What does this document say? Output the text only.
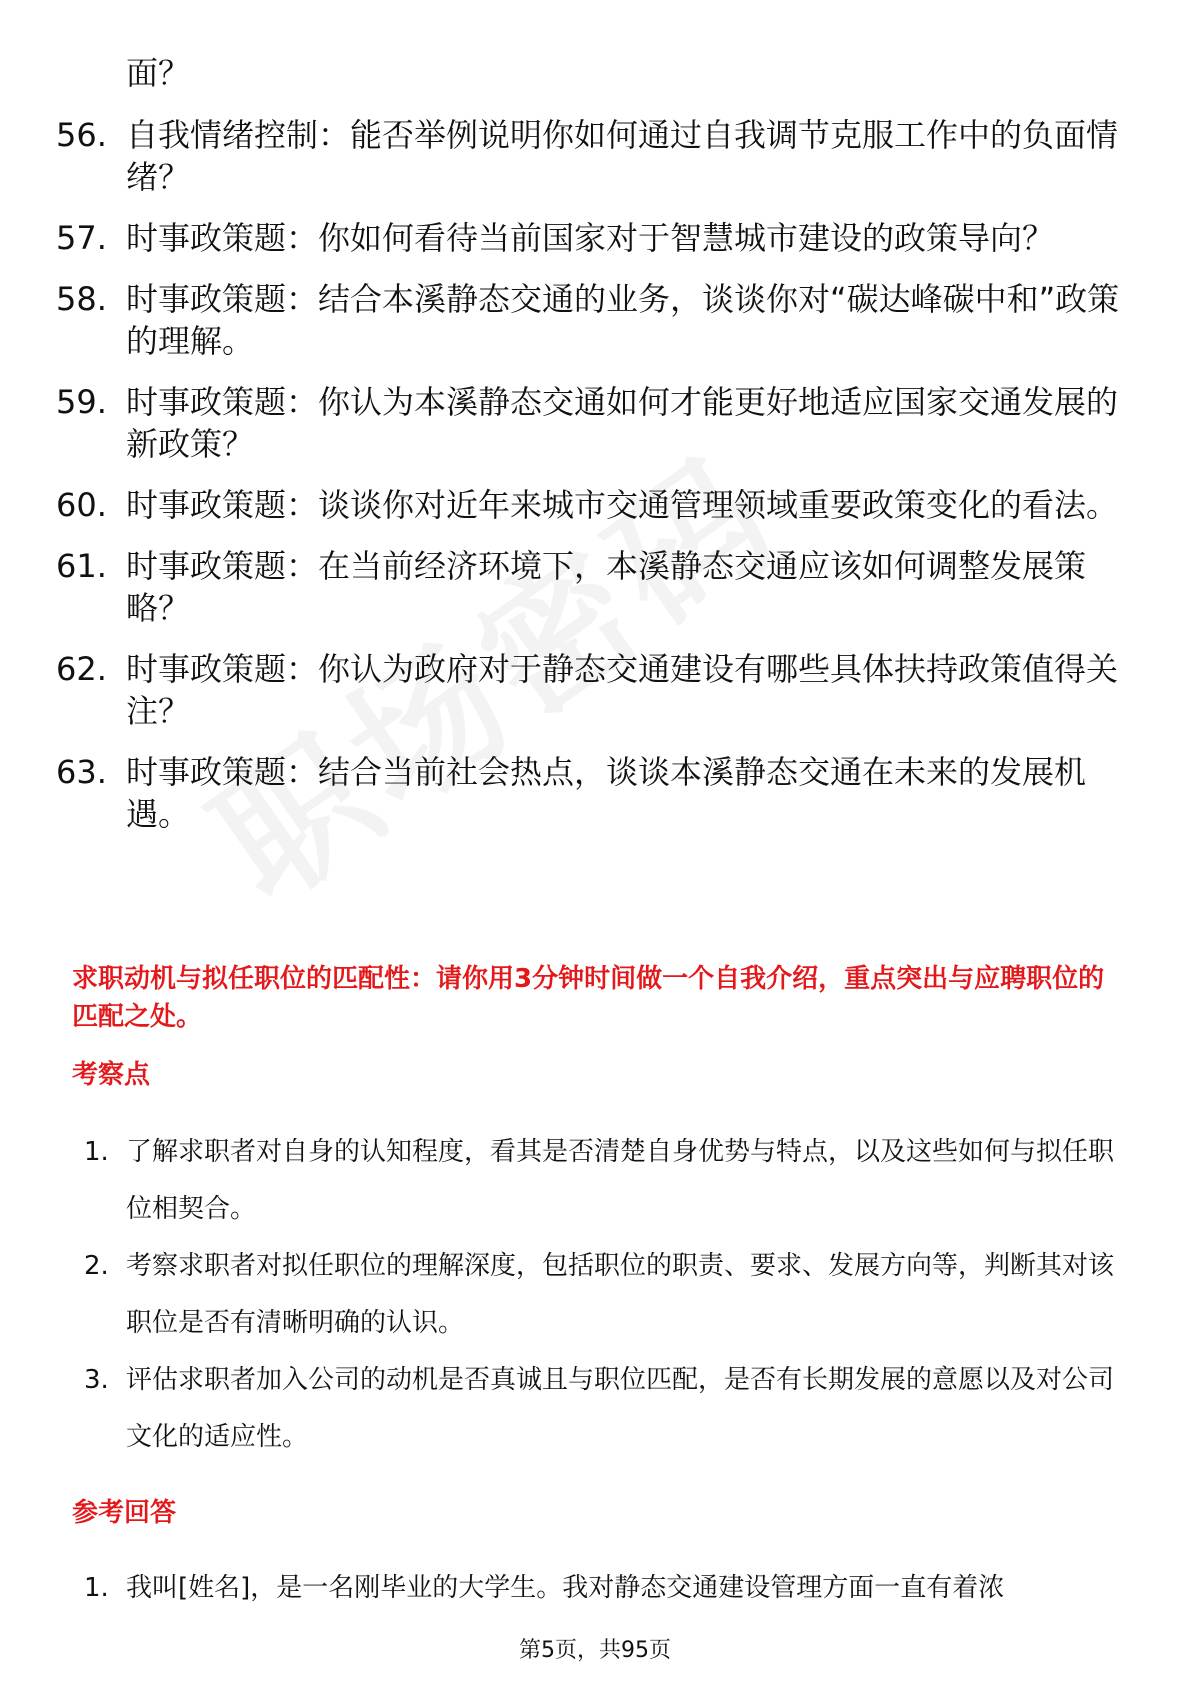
面？
56. 自我情绪控制：能否举例说明你如何通过自我调节克服工作中的负面情绪？
57. 时事政策题：你如何看待当前国家对于智慧城市建设的政策导向？
58. 时事政策题：结合本溪静态交通的业务，谈谈你对“碳达峰碳中和”政策的理解。
59. 时事政策题：你认为本溪静态交通如何才能更好地适应国家交通发展的新政策？
60. 时事政策题：谈谈你对近年来城市交通管理领域重要政策变化的看法。
61. 时事政策题：在当前经济环境下，本溪静态交通应该如何调整发展策略？
62. 时事政策题：你认为政府对于静态交通建设有哪些具体扶持政策值得关注？
63. 时事政策题：结合当前社会热点，谈谈本溪静态交通在未来的发展机遇。
求职动机与拟任职位的匹配性：请你用3分钟时间做一个自我介绍，重点突出与应聘职位的匹配之处。
考察点
1. 了解求职者对自身的认知程度，看其是否清楚自身优势与特点，以及这些如何与拟任职位相契合。
2. 考察求职者对拟任职位的理解深度，包括职位的职责、要求、发展方向等，判断其对该职位是否有清晰明确的认识。
3. 评估求职者加入公司的动机是否真诚且与职位匹配，是否有长期发展的意愿以及对公司文化的适应性。
参考回答
1. 我叫[姓名]，是一名刚毕业的大学生。我对静态交通建设管理方面一直有着浓
第5页，共95页
